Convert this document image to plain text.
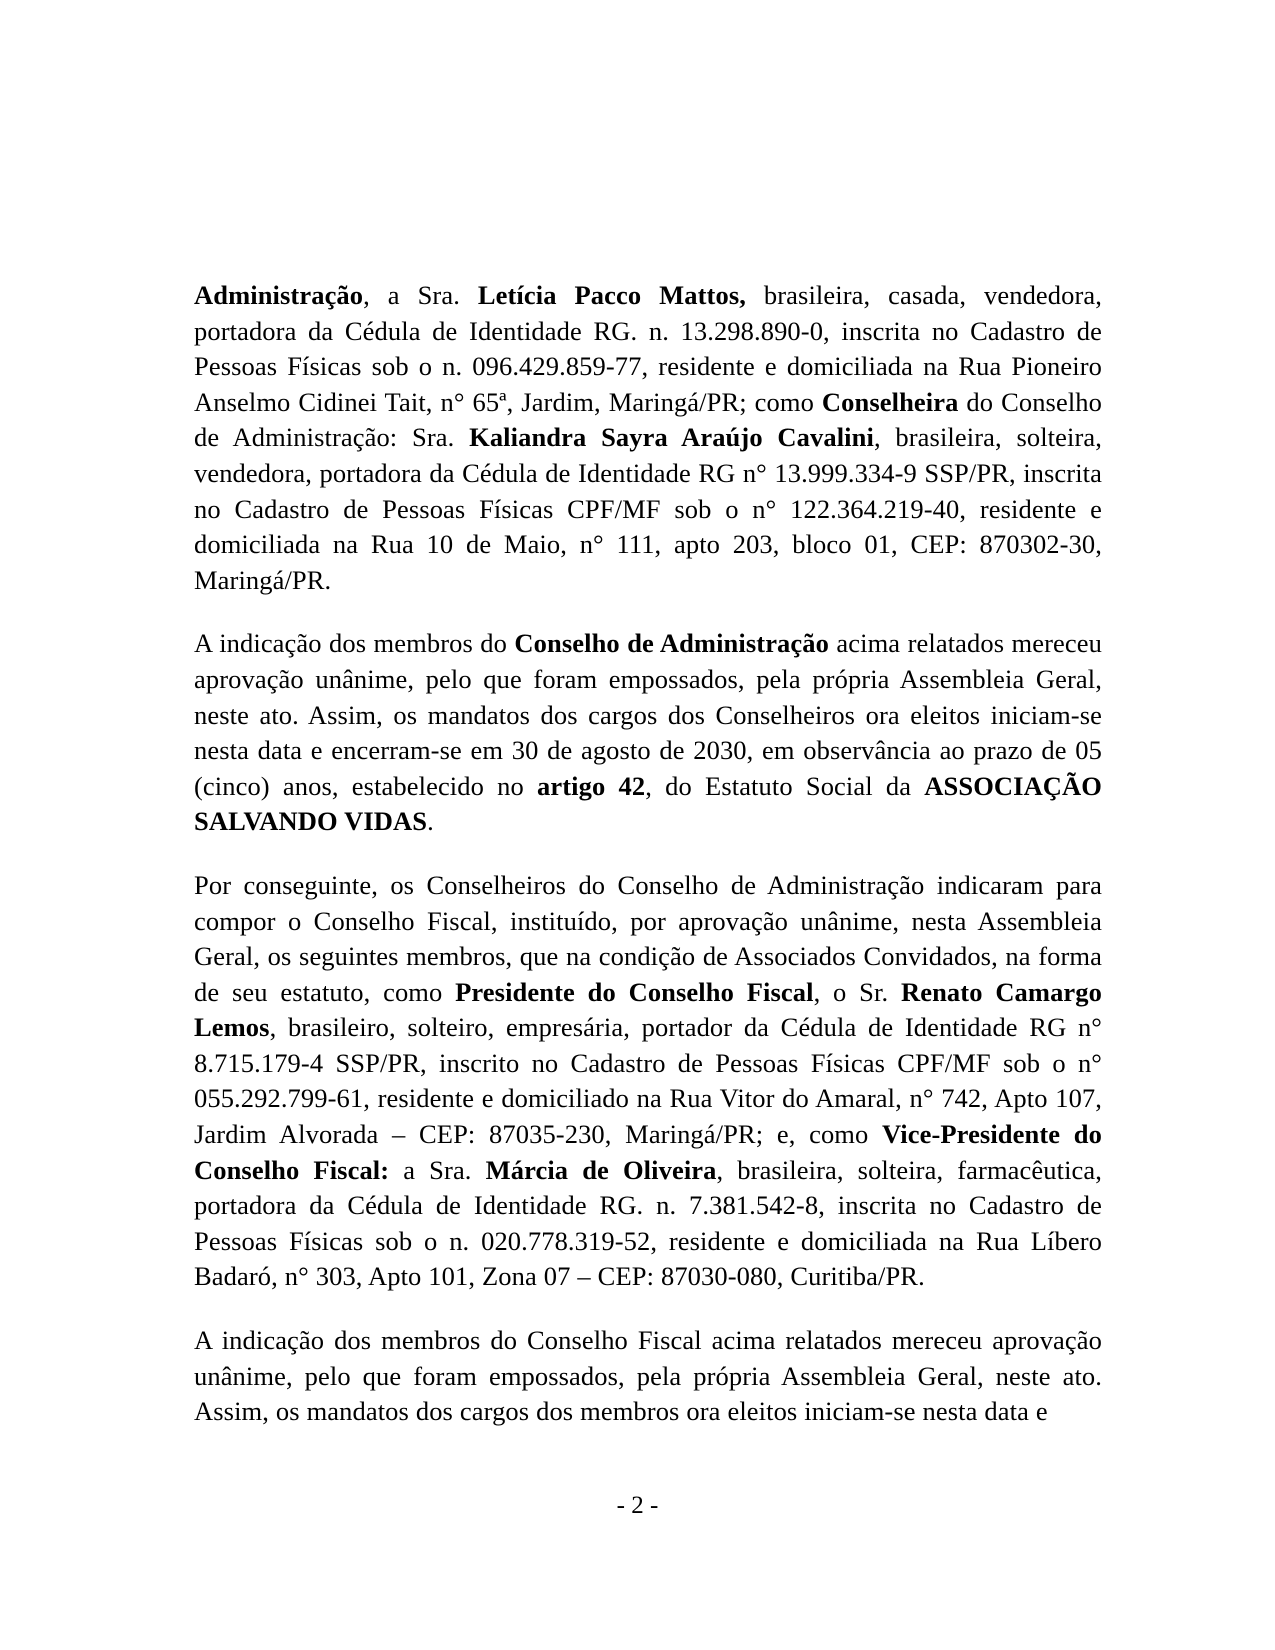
Administração, a Sra. Letícia Pacco Mattos, brasileira, casada, vendedora, portadora da Cédula de Identidade RG. n. 13.298.890-0, inscrita no Cadastro de Pessoas Físicas sob o n. 096.429.859-77, residente e domiciliada na Rua Pioneiro Anselmo Cidinei Tait, n° 65ª, Jardim, Maringá/PR; como Conselheira do Conselho de Administração: Sra. Kaliandra Sayra Araújo Cavalini, brasileira, solteira, vendedora, portadora da Cédula de Identidade RG n° 13.999.334-9 SSP/PR, inscrita no Cadastro de Pessoas Físicas CPF/MF sob o n° 122.364.219-40, residente e domiciliada na Rua 10 de Maio, n° 111, apto 203, bloco 01, CEP: 870302-30, Maringá/PR.

A indicação dos membros do Conselho de Administração acima relatados mereceu aprovação unânime, pelo que foram empossados, pela própria Assembleia Geral, neste ato. Assim, os mandatos dos cargos dos Conselheiros ora eleitos iniciam-se nesta data e encerram-se em 30 de agosto de 2030, em observância ao prazo de 05 (cinco) anos, estabelecido no artigo 42, do Estatuto Social da ASSOCIAÇÃO SALVANDO VIDAS.

Por conseguinte, os Conselheiros do Conselho de Administração indicaram para compor o Conselho Fiscal, instituído, por aprovação unânime, nesta Assembleia Geral, os seguintes membros, que na condição de Associados Convidados, na forma de seu estatuto, como Presidente do Conselho Fiscal, o Sr. Renato Camargo Lemos, brasileiro, solteiro, empresária, portador da Cédula de Identidade RG n° 8.715.179-4 SSP/PR, inscrito no Cadastro de Pessoas Físicas CPF/MF sob o n° 055.292.799-61, residente e domiciliado na Rua Vitor do Amaral, n° 742, Apto 107, Jardim Alvorada – CEP: 87035-230, Maringá/PR; e, como Vice-Presidente do Conselho Fiscal: a Sra. Márcia de Oliveira, brasileira, solteira, farmacêutica, portadora da Cédula de Identidade RG. n. 7.381.542-8, inscrita no Cadastro de Pessoas Físicas sob o n. 020.778.319-52, residente e domiciliada na Rua Líbero Badaró, n° 303, Apto 101, Zona 07 – CEP: 87030-080, Curitiba/PR.

A indicação dos membros do Conselho Fiscal acima relatados mereceu aprovação unânime, pelo que foram empossados, pela própria Assembleia Geral, neste ato. Assim, os mandatos dos cargos dos membros ora eleitos iniciam-se nesta data e

- 2 -
